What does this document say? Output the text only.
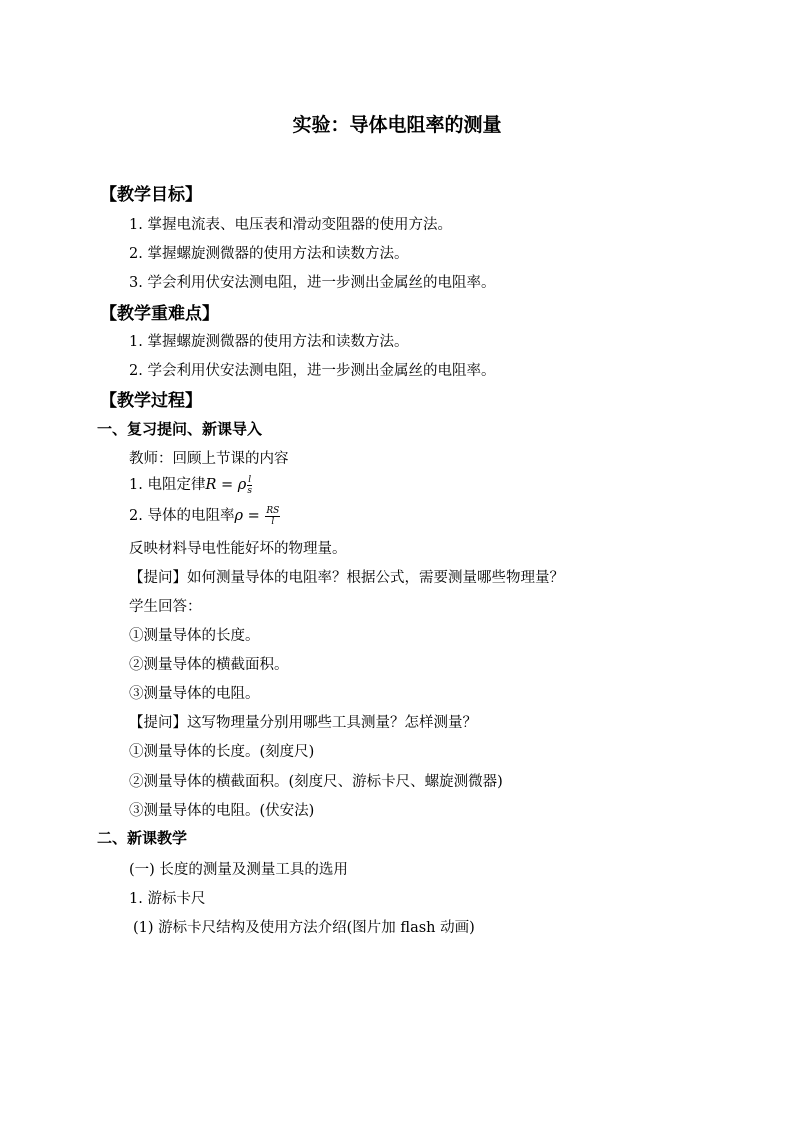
实验：导体电阻率的测量
【教学目标】
1. 掌握电流表、电压表和滑动变阻器的使用方法。
2. 掌握螺旋测微器的使用方法和读数方法。
3. 学会利用伏安法测电阻，进一步测出金属丝的电阻率。
【教学重难点】
1. 掌握螺旋测微器的使用方法和读数方法。
2. 学会利用伏安法测电阻，进一步测出金属丝的电阻率。
【教学过程】
一、复习提问、新课导入
教师：回顾上节课的内容
1. 电阻定律R = ρ $\frac{l}{s}$
2. 导体的电阻率$\rho = \frac{RS}{l}$
反映材料导电性能好坏的物理量。
【提问】如何测量导体的电阻率？根据公式，需要测量哪些物理量？
学生回答：
①测量导体的长度。
②测量导体的横截面积。
③测量导体的电阻。
【提问】这写物理量分别用哪些工具测量？怎样测量？
①测量导体的长度。(刻度尺)
②测量导体的横截面积。(刻度尺、游标卡尺、螺旋测微器)
③测量导体的电阻。(伏安法)
二、新课教学
(一) 长度的测量及测量工具的选用
1. 游标卡尺
(1) 游标卡尺结构及使用方法介绍(图片加 flash 动画)
